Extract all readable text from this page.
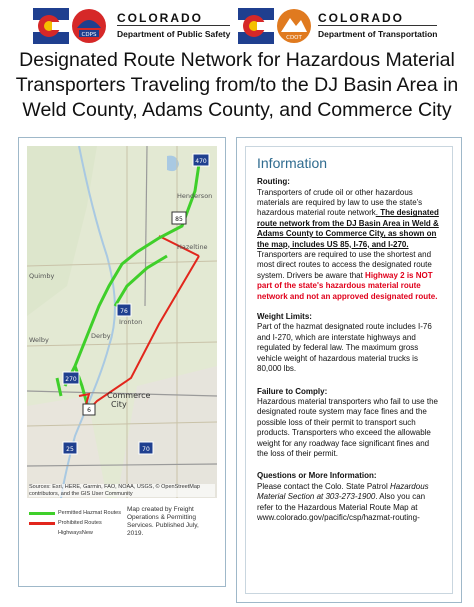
CDPS
COLORADO
Department of Public Safety	CDOT
COLORADO
Department of Transportation
Designated Route Network for Hazardous Material
Transporters Traveling from/to the DJ Basin Area in
Weld County, Adams County, and Commerce City
Henderson
Hazeltine
Quimby
Welby	Derby
Ironton
Commerce City
470
85
76
270
6
25	70
Sources: Esri, HERE, Garmin, FAO, NOAA, USGS, © OpenStreetMap contributors, and the GIS User Community
Permitted Hazmat Routes
Prohibited Routes
HighwaysNew
Map created by Freight Operations & Permitting Services. Published July, 2019.
Information
Routing:
Transporters of crude oil or other hazardous materials are required by law to use the state's hazardous material route network. The designated route network from the DJ Basin Area in Weld & Adams County to Commerce City, as shown on the map, includes US 85, I-76, and I-270. Transporters are required to use the shortest and most direct routes to access the designated route system. Drivers be aware that Highway 2 is NOT part of the state's hazardous material route network and not an approved designated route.
Weight Limits:
Part of the hazmat designated route includes I-76 and I-270, which are interstate highways and regulated by federal law. The maximum gross vehicle weight of hazardous material trucks is 80,000 lbs.
Failure to Comply:
Hazardous material transporters who fail to use the designated route system may face fines and the possible loss of their permit to transport such products. Transporters who exceed the allowable weight for any roadway face significant fines and the loss of their permit.
Questions or More Information:
Please contact the Colo. State Patrol Hazardous Material Section at 303-273-1900. Also you can refer to the Hazardous Material Route Map at www.colorado.gov/pacific/csp/hazmat-routing-
